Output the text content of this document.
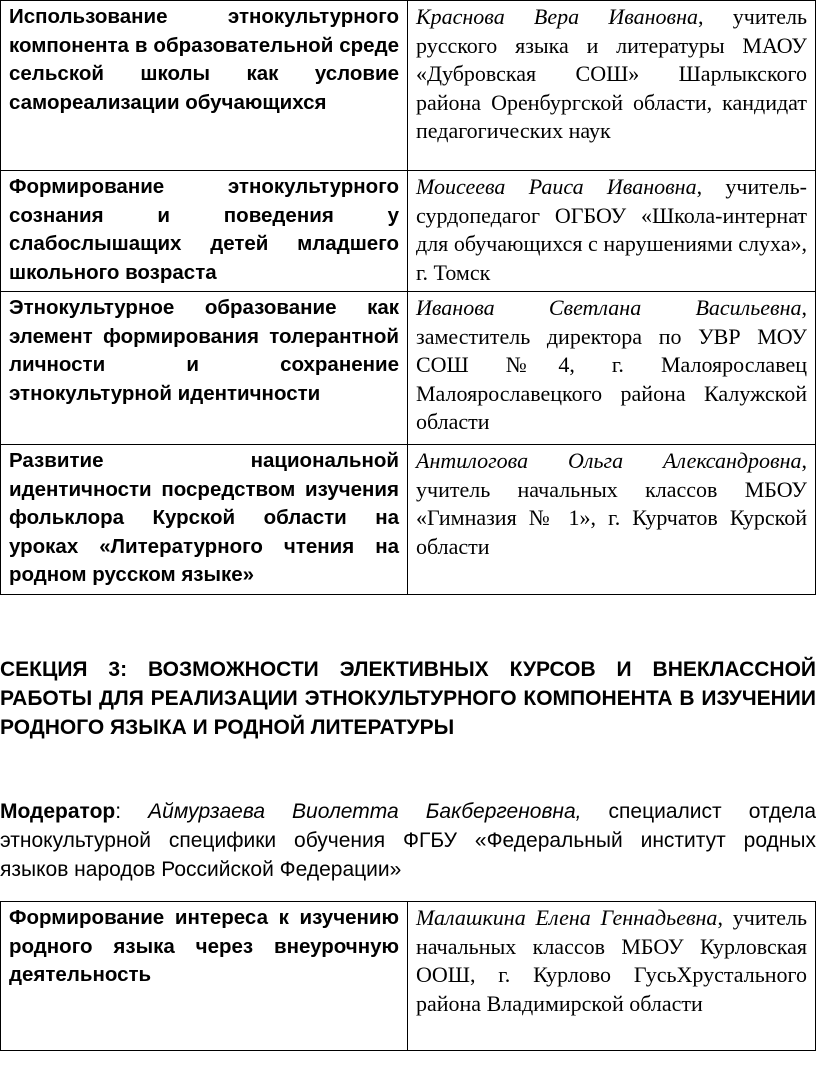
Использование этнокультурного компонента в образовательной среде сельской школы как условие самореализации обучающихся	Краснова Вера Ивановна, учитель русского языка и литературы МАОУ «Дубровская СОШ» Шарлыкского района Оренбургской области, кандидат педагогических наук
Формирование этнокультурного сознания и поведения у слабослышащих детей младшего школьного возраста	Моисеева Раиса Ивановна, учитель-сурдопедагог ОГБОУ «Школа-интернат для обучающихся с нарушениями слуха», г. Томск
Этнокультурное образование как элемент формирования толерантной личности и сохранение этнокультурной идентичности	Иванова Светлана Васильевна, заместитель директора по УВР МОУ СОШ №4, г. Малоярославец Малоярославецкого района Калужской области
Развитие национальной идентичности посредством изучения фольклора Курской области на уроках «Литературного чтения на родном русском языке»	Антилогова Ольга Александровна, учитель начальных классов МБОУ «Гимназия № 1», г. Курчатов Курской области

СЕКЦИЯ 3: ВОЗМОЖНОСТИ ЭЛЕКТИВНЫХ КУРСОВ И ВНЕКЛАССНОЙ РАБОТЫ ДЛЯ РЕАЛИЗАЦИИ ЭТНОКУЛЬТУРНОГО КОМПОНЕНТА В ИЗУЧЕНИИ РОДНОГО ЯЗЫКА И РОДНОЙ ЛИТЕРАТУРЫ

Модератор: Аймурзаева Виолетта Бакбергеновна, специалист отдела этнокультурной специфики обучения ФГБУ «Федеральный институт родных языков народов Российской Федерации»

Формирование интереса к изучению родного языка через внеурочную деятельность	Малашкина Елена Геннадьевна, учитель начальных классов МБОУ Курловская ООШ, г. Курлово ГусьХрустального района Владимирской области
